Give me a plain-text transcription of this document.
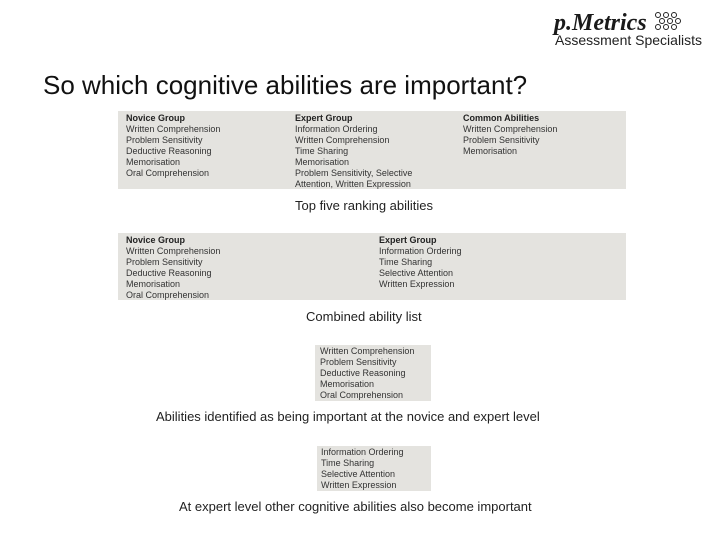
p.Metrics
Assessment Specialists
So which cognitive abilities are important?
Novice Group
Written Comprehension
Problem Sensitivity
Deductive Reasoning
Memorisation
Oral Comprehension
Expert Group
Information Ordering
Written Comprehension
Time Sharing
Memorisation
Problem Sensitivity, Selective
Attention, Written Expression
Common Abilities
Written Comprehension
Problem Sensitivity
Memorisation
Top five ranking abilities
Novice Group
Written Comprehension
Problem Sensitivity
Deductive Reasoning
Memorisation
Oral Comprehension
Expert Group
Information Ordering
Time Sharing
Selective Attention
Written Expression
Combined ability list
Written Comprehension
Problem Sensitivity
Deductive Reasoning
Memorisation
Oral Comprehension
Abilities identified as being important at the novice and expert level
Information Ordering
Time Sharing
Selective Attention
Written Expression
At expert level other cognitive abilities also become important
